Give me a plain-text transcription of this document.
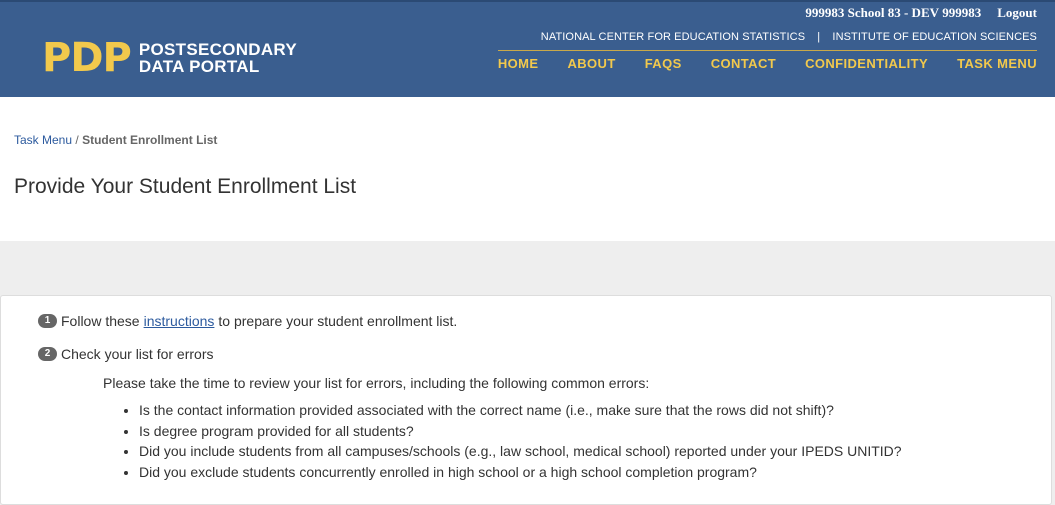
PDP POSTSECONDARY
DATA PORTAL
999983 School 83 - DEV 999983 Logout
NATIONAL CENTER FOR EDUCATION STATISTICS | INSTITUTE OF EDUCATION SCIENCES
HOME ABOUT FAQS CONTACT CONFIDENTIALITY TASK MENU
Task Menu / Student Enrollment List
Provide Your Student Enrollment List
1 Follow these instructions to prepare your student enrollment list.
2 Check your list for errors
Please take the time to review your list for errors, including the following common errors:
• Is the contact information provided associated with the correct name (i.e., make sure that the rows did not shift)?
• Is degree program provided for all students?
• Did you include students from all campuses/schools (e.g., law school, medical school) reported under your IPEDS UNITID?
• Did you exclude students concurrently enrolled in high school or a high school completion program?
